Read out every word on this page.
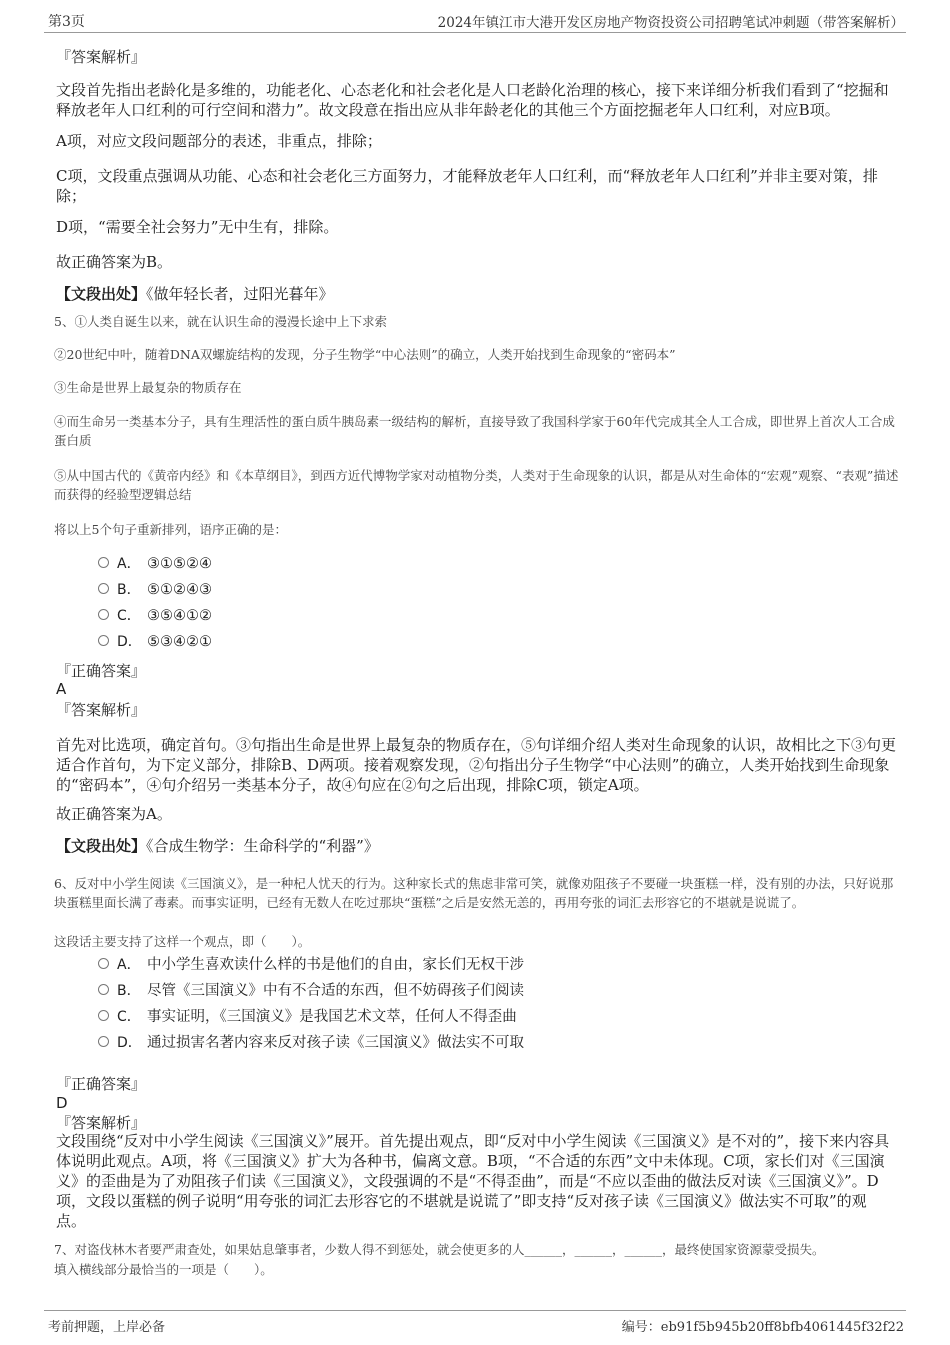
第3页	2024年镇江市大港开发区房地产物资投资公司招聘笔试冲刺题（带答案解析）
『答案解析』
文段首先指出老龄化是多维的，功能老化、心态老化和社会老化是人口老龄化治理的核心，接下来详细分析我们看到了“挖掘和释放老年人口红利的可行空间和潜力”。故文段意在指出应从非年龄老化的其他三个方面挖掘老年人口红利，对应B项。
A项，对应文段问题部分的表述，非重点，排除；
C项，文段重点强调从功能、心态和社会老化三方面努力，才能释放老年人口红利，而“释放老年人口红利”并非主要对策，排除；
D项，“需要全社会努力”无中生有，排除。
故正确答案为B。
【文段出处】《做年轻长者，过阳光暮年》
5、①人类自诞生以来，就在认识生命的漫漫长途中上下求索
②20世纪中叶，随着DNA双螺旋结构的发现，分子生物学“中心法则”的确立，人类开始找到生命现象的“密码本”
③生命是世界上最复杂的物质存在
④而生命另一类基本分子，具有生理活性的蛋白质牛胰岛素一级结构的解析，直接导致了我国科学家于60年代完成其全人工合成，即世界上首次人工合成蛋白质
⑤从中国古代的《黄帝内经》和《本草纲目》，到西方近代博物学家对动植物分类，人类对于生命现象的认识，都是从对生命体的“宏观”观察、“表观”描述而获得的经验型逻辑总结
将以上5个句子重新排列，语序正确的是：
A． ③①⑤②④
B． ⑤①②④③
C． ③⑤④①②
D． ⑤③④②①
『正确答案』
A
『答案解析』
首先对比选项，确定首句。③句指出生命是世界上最复杂的物质存在，⑤句详细介绍人类对生命现象的认识，故相比之下③句更适合作首句，为下定义部分，排除B、D两项。接着观察发现，②句指出分子生物学“中心法则”的确立，人类开始找到生命现象的“密码本”，④句介绍另一类基本分子，故④句应在②句之后出现，排除C项，锁定A项。
故正确答案为A。
【文段出处】《合成生物学：生命科学的“利器”》
6、反对中小学生阅读《三国演义》，是一种杞人忧天的行为。这种家长式的焦虑非常可笑，就像劝阻孩子不要碰一块蛋糕一样，没有别的办法，只好说那块蛋糕里面长满了毒素。而事实证明，已经有无数人在吃过那块“蛋糕”之后是安然无恙的，再用夸张的词汇去形容它的不堪就是说谎了。
这段话主要支持了这样一个观点，即（　　）。
A． 中小学生喜欢读什么样的书是他们的自由，家长们无权干涉
B． 尽管《三国演义》中有不合适的东西，但不妨碍孩子们阅读
C． 事实证明，《三国演义》是我国艺术文萃，任何人不得歪曲
D． 通过损害名著内容来反对孩子读《三国演义》做法实不可取
『正确答案』
D
『答案解析』
文段围绕“反对中小学生阅读《三国演义》”展开。首先提出观点，即“反对中小学生阅读《三国演义》是不对的”，接下来内容具体说明此观点。A项，将《三国演义》扩大为各种书，偏离文意。B项，“不合适的东西”文中未体现。C项，家长们对《三国演义》的歪曲是为了劝阻孩子们读《三国演义》，文段强调的不是“不得歪曲”，而是“不应以歪曲的做法反对读《三国演义》”。D项，文段以蛋糕的例子说明“用夸张的词汇去形容它的不堪就是说谎了”即支持“反对孩子读《三国演义》做法实不可取”的观点。
7、对盗伐林木者要严肃查处，如果姑息肇事者，少数人得不到惩处，就会使更多的人______，______，______，最终使国家资源蒙受损失。
填入横线部分最恰当的一项是（　　）。
考前押题，上岸必备	编号：eb91f5b945b20ff8bfb4061445f32f22
